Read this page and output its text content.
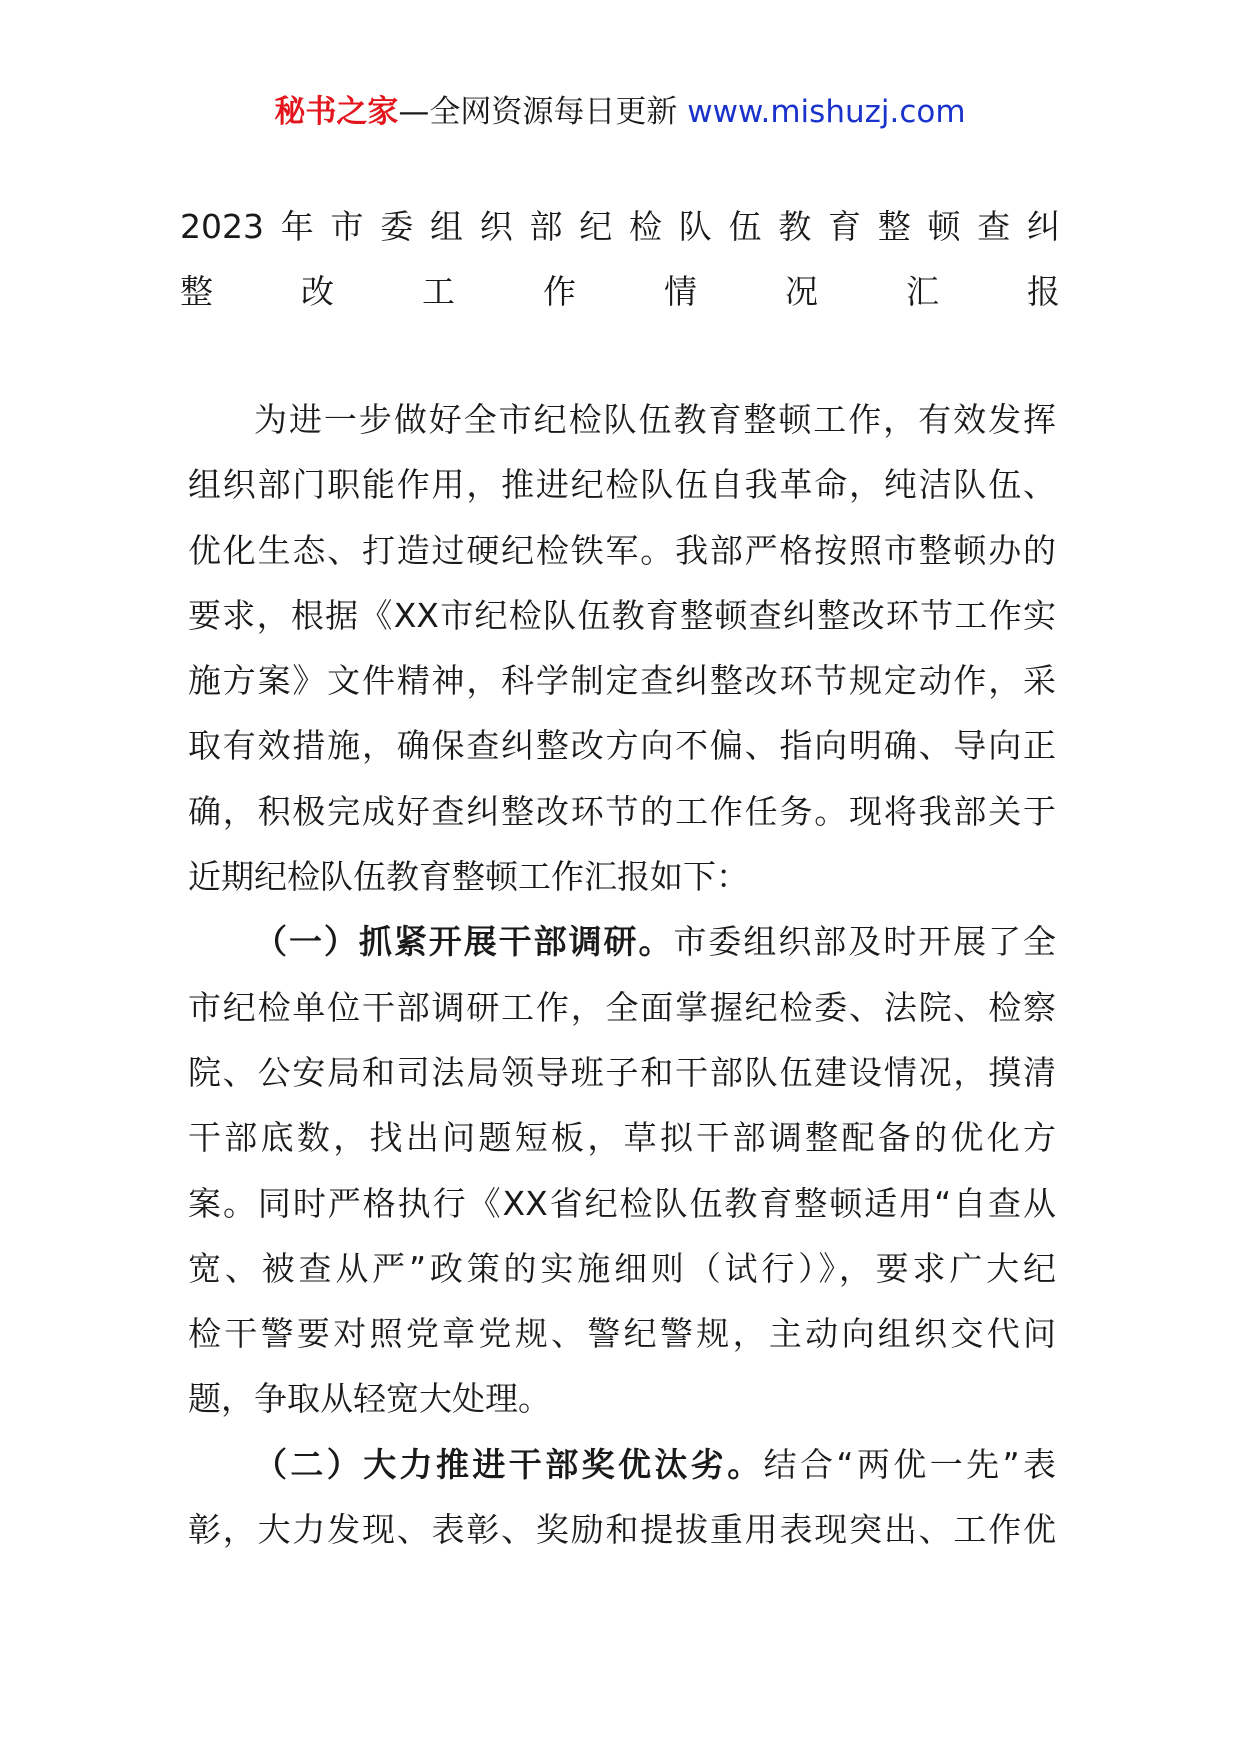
秘书之家—全网资源每日更新 www.mishuzj.com
2023年市委组织部纪检队伍教育整顿查纠
整改工作情况汇报
为进一步做好全市纪检队伍教育整顿工作，有效发挥
组织部门职能作用，推进纪检队伍自我革命，纯洁队伍、
优化生态、打造过硬纪检铁军。我部严格按照市整顿办的
要求，根据《XX市纪检队伍教育整顿查纠整改环节工作实
施方案》文件精神，科学制定查纠整改环节规定动作，采
取有效措施，确保查纠整改方向不偏、指向明确、导向正
确，积极完成好查纠整改环节的工作任务。现将我部关于
近期纪检队伍教育整顿工作汇报如下：
（一）抓紧开展干部调研。市委组织部及时开展了全
市纪检单位干部调研工作，全面掌握纪检委、法院、检察
院、公安局和司法局领导班子和干部队伍建设情况，摸清
干部底数，找出问题短板，草拟干部调整配备的优化方
案。同时严格执行《XX省纪检队伍教育整顿适用“自查从
宽、被查从严”政策的实施细则（试行）》，要求广大纪
检干警要对照党章党规、警纪警规，主动向组织交代问
题，争取从轻宽大处理。
（二）大力推进干部奖优汰劣。结合“两优一先”表
彰，大力发现、表彰、奖励和提拔重用表现突出、工作优
